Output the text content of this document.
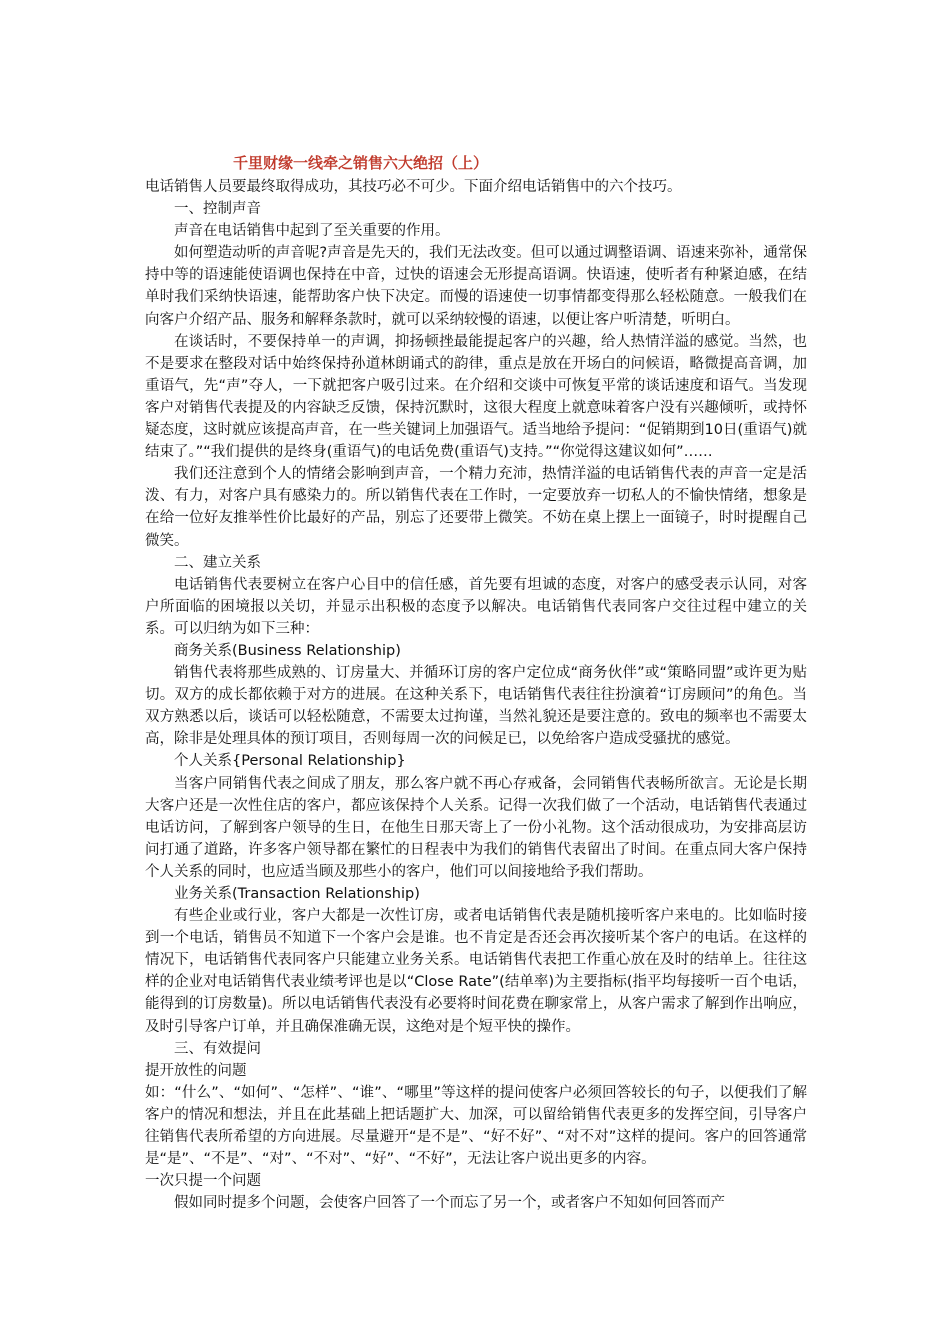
千里财缘一线牵之销售六大绝招（上）

电话销售人员要最终取得成功，其技巧必不可少。下面介绍电话销售中的六个技巧。

一、控制声音

声音在电话销售中起到了至关重要的作用。

如何塑造动听的声音呢?声音是先天的，我们无法改变。但可以通过调整语调、语速来弥补，通常保持中等的语速能使语调也保持在中音，过快的语速会无形提高语调。快语速，使听者有种紧迫感，在结单时我们采纳快语速，能帮助客户快下决定。而慢的语速使一切事情都变得那么轻松随意。一般我们在向客户介绍产品、服务和解释条款时，就可以采纳较慢的语速，以便让客户听清楚，听明白。

在谈话时，不要保持单一的声调，抑扬顿挫最能提起客户的兴趣，给人热情洋溢的感觉。当然，也不是要求在整段对话中始终保持孙道林朗诵式的韵律，重点是放在开场白的问候语，略微提高音调，加重语气，先“声”夺人，一下就把客户吸引过来。在介绍和交谈中可恢复平常的谈话速度和语气。当发现客户对销售代表提及的内容缺乏反馈，保持沉默时，这很大程度上就意味着客户没有兴趣倾听，或持怀疑态度，这时就应该提高声音，在一些关键词上加强语气。适当地给予提问：“促销期到10日(重语气)就结束了。”“我们提供的是终身(重语气)的电话免费(重语气)支持。”“你觉得这建议如何”……

我们还注意到个人的情绪会影响到声音，一个精力充沛，热情洋溢的电话销售代表的声音一定是活泼、有力，对客户具有感染力的。所以销售代表在工作时，一定要放弃一切私人的不愉快情绪，想象是在给一位好友推举性价比最好的产品，别忘了还要带上微笑。不妨在桌上摆上一面镜子，时时提醒自己微笑。

二、建立关系

电话销售代表要树立在客户心目中的信任感，首先要有坦诚的态度，对客户的感受表示认同，对客户所面临的困境报以关切，并显示出积极的态度予以解决。电话销售代表同客户交往过程中建立的关系。可以归纳为如下三种：

商务关系(Business Relationship)

销售代表将那些成熟的、订房量大、并循环订房的客户定位成“商务伙伴”或“策略同盟”或许更为贴切。双方的成长都依赖于对方的进展。在这种关系下，电话销售代表往往扮演着“订房顾问”的角色。当双方熟悉以后，谈话可以轻松随意，不需要太过拘谨，当然礼貌还是要注意的。致电的频率也不需要太高，除非是处理具体的预订项目，否则每周一次的问候足已，以免给客户造成受骚扰的感觉。

个人关系{Personal Relationship}

当客户同销售代表之间成了朋友，那么客户就不再心存戒备，会同销售代表畅所欲言。无论是长期大客户还是一次性住店的客户，都应该保持个人关系。记得一次我们做了一个活动，电话销售代表通过电话访问，了解到客户领导的生日，在他生日那天寄上了一份小礼物。这个活动很成功，为安排高层访问打通了道路，许多客户领导都在繁忙的日程表中为我们的销售代表留出了时间。在重点同大客户保持个人关系的同时，也应适当顾及那些小的客户，他们可以间接地给予我们帮助。

业务关系(Transaction Relationship)

有些企业或行业，客户大都是一次性订房，或者电话销售代表是随机接听客户来电的。比如临时接到一个电话，销售员不知道下一个客户会是谁。也不肯定是否还会再次接听某个客户的电话。在这样的情况下，电话销售代表同客户只能建立业务关系。电话销售代表把工作重心放在及时的结单上。往往这样的企业对电话销售代表业绩考评也是以“Close Rate”(结单率)为主要指标(指平均每接听一百个电话，能得到的订房数量)。所以电话销售代表没有必要将时间花费在聊家常上，从客户需求了解到作出响应，及时引导客户订单，并且确保准确无误，这绝对是个短平快的操作。

三、有效提问

提开放性的问题

如：“什么”、“如何”、“怎样”、“谁”、“哪里”等这样的提问使客户必须回答较长的句子，以便我们了解客户的情况和想法，并且在此基础上把话题扩大、加深，可以留给销售代表更多的发挥空间，引导客户往销售代表所希望的方向进展。尽量避开“是不是”、“好不好”、“对不对”这样的提问。客户的回答通常是“是”、“不是”、“对”、“不对”、“好”、“不好”，无法让客户说出更多的内容。

一次只提一个问题

假如同时提多个问题，会使客户回答了一个而忘了另一个，或者客户不知如何回答而产
